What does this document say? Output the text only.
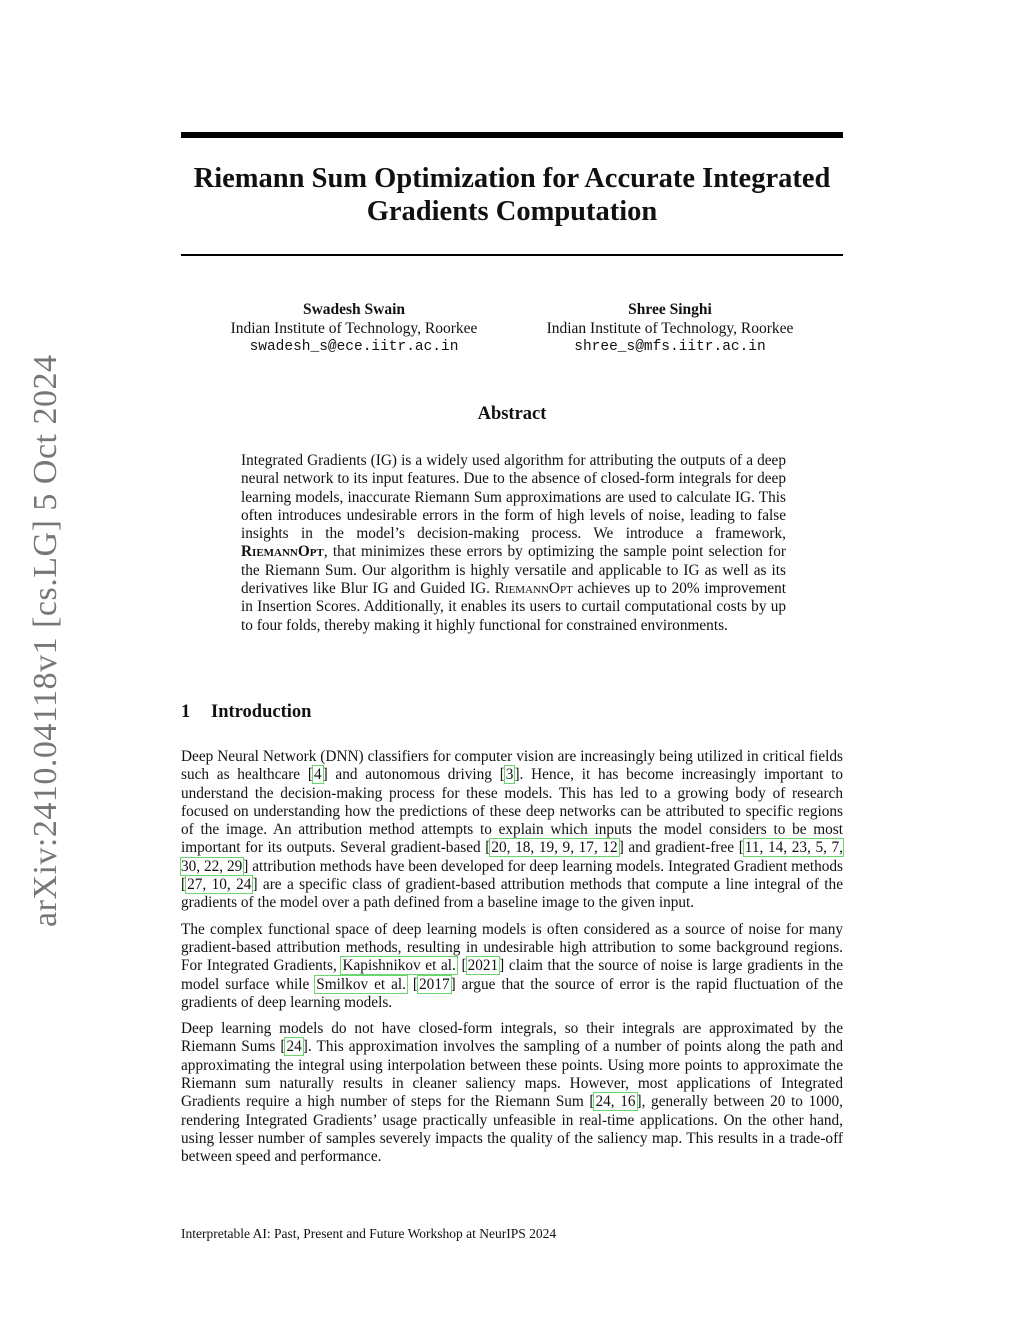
arXiv:2410.04118v1 [cs.LG] 5 Oct 2024
Riemann Sum Optimization for Accurate Integrated
Gradients Computation
Swadesh Swain
Indian Institute of Technology, Roorkee
swadesh_s@ece.iitr.ac.in
Shree Singhi
Indian Institute of Technology, Roorkee
shree_s@mfs.iitr.ac.in
Abstract
Integrated Gradients (IG) is a widely used algorithm for attributing the outputs of a deep neural network to its input features. Due to the absence of closed-form integrals for deep learning models, inaccurate Riemann Sum approximations are used to calculate IG. This often introduces undesirable errors in the form of high levels of noise, leading to false insights in the model’s decision-making process. We introduce a framework, RiemannOpt, that minimizes these errors by optimizing the sample point selection for the Riemann Sum. Our algorithm is highly versatile and applicable to IG as well as its derivatives like Blur IG and Guided IG. RiemannOpt achieves up to 20% improvement in Insertion Scores. Additionally, it enables its users to curtail computational costs by up to four folds, thereby making it highly functional for constrained environments.
1 Introduction

Deep Neural Network (DNN) classifiers for computer vision are increasingly being utilized in critical fields such as healthcare [4] and autonomous driving [3]. Hence, it has become increasingly important to understand the decision-making process for these models. This has led to a growing body of research focused on understanding how the predictions of these deep networks can be attributed to specific regions of the image. An attribution method attempts to explain which inputs the model considers to be most important for its outputs. Several gradient-based [20, 18, 19, 9, 17, 12] and gradient-free [11, 14, 23, 5, 7, 30, 22, 29] attribution methods have been developed for deep learning models. Integrated Gradient methods [27, 10, 24] are a specific class of gradient-based attribution methods that compute a line integral of the gradients of the model over a path defined from a baseline image to the given input.

The complex functional space of deep learning models is often considered as a source of noise for many gradient-based attribution methods, resulting in undesirable high attribution to some background regions. For Integrated Gradients, Kapishnikov et al. [2021] claim that the source of noise is large gradients in the model surface while Smilkov et al. [2017] argue that the source of error is the rapid fluctuation of the gradients of deep learning models.

Deep learning models do not have closed-form integrals, so their integrals are approximated by the Riemann Sums [24]. This approximation involves the sampling of a number of points along the path and approximating the integral using interpolation between these points. Using more points to approximate the Riemann sum naturally results in cleaner saliency maps. However, most applications of Integrated Gradients require a high number of steps for the Riemann Sum [24, 16], generally between 20 to 1000, rendering Integrated Gradients’ usage practically unfeasible in real-time applications. On the other hand, using lesser number of samples severely impacts the quality of the saliency map. This results in a trade-off between speed and performance.

Interpretable AI: Past, Present and Future Workshop at NeurIPS 2024
